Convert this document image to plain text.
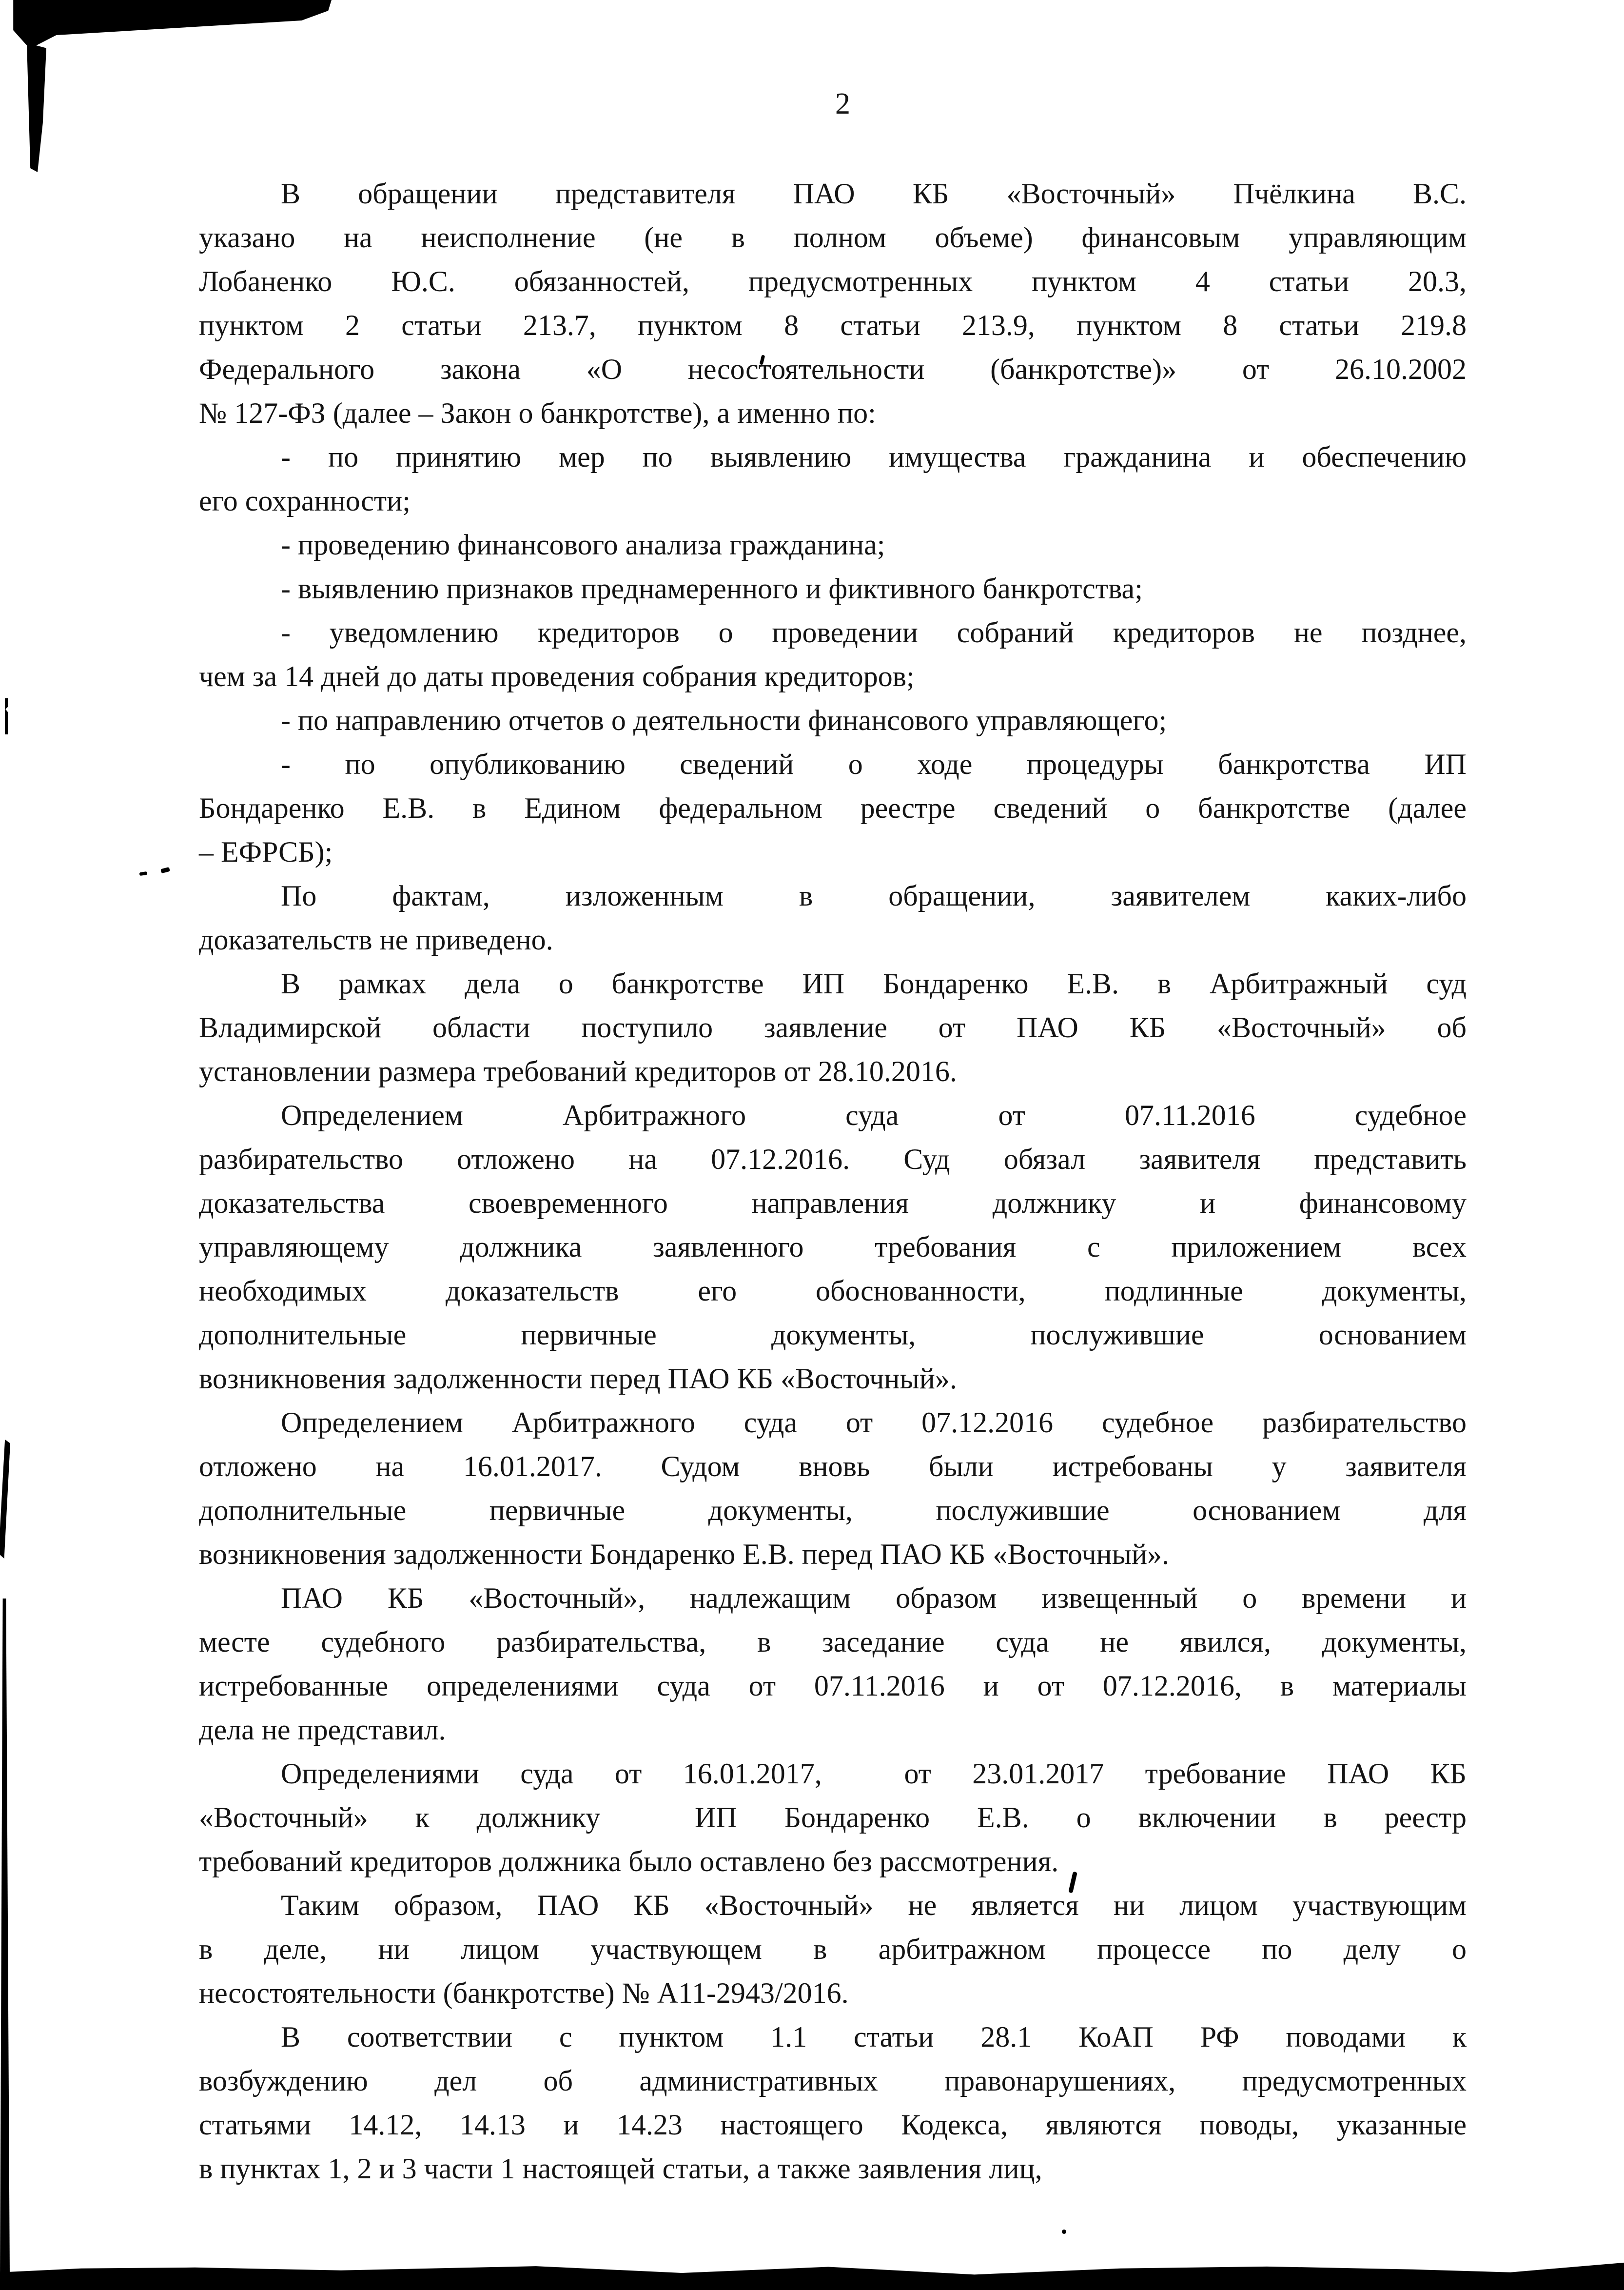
2
В обращении представителя ПАО КБ «Восточный» Пчёлкина В.С.
указано на неисполнение (не в полном объеме) финансовым управляющим
Лобаненко Ю.С. обязанностей, предусмотренных пунктом 4 статьи 20.3,
пунктом 2 статьи 213.7, пунктом 8 статьи 213.9, пунктом 8 статьи 219.8
Федерального закона «О несостоятельности (банкротстве)» от 26.10.2002
№ 127-ФЗ (далее – Закон о банкротстве), а именно по:
- по принятию мер по выявлению имущества гражданина и обеспечению
его сохранности;
- проведению финансового анализа гражданина;
- выявлению признаков преднамеренного и фиктивного банкротства;
- уведомлению кредиторов о проведении собраний кредиторов не позднее,
чем за 14 дней до даты проведения собрания кредиторов;
- по направлению отчетов о деятельности финансового управляющего;
- по опубликованию сведений о ходе процедуры банкротства ИП
Бондаренко Е.В. в Едином федеральном реестре сведений о банкротстве (далее
– ЕФРСБ);
По фактам, изложенным в обращении, заявителем каких-либо
доказательств не приведено.
В рамках дела о банкротстве ИП Бондаренко Е.В. в Арбитражный суд
Владимирской области поступило заявление от ПАО КБ «Восточный» об
установлении размера требований кредиторов от 28.10.2016.
Определением Арбитражного суда от 07.11.2016 судебное
разбирательство отложено на 07.12.2016. Суд обязал заявителя представить
доказательства своевременного направления должнику и финансовому
управляющему должника заявленного требования с приложением всех
необходимых доказательств его обоснованности, подлинные документы,
дополнительные первичные документы, послужившие основанием
возникновения задолженности перед ПАО КБ «Восточный».
Определением Арбитражного суда от 07.12.2016 судебное разбирательство
отложено на 16.01.2017. Судом вновь были истребованы у заявителя
дополнительные первичные документы, послужившие основанием для
возникновения задолженности Бондаренко Е.В. перед ПАО КБ «Восточный».
ПАО КБ «Восточный», надлежащим образом извещенный о времени и
месте судебного разбирательства, в заседание суда не явился, документы,
истребованные определениями суда от 07.11.2016 и от 07.12.2016, в материалы
дела не представил.
Определениями суда от 16.01.2017,  от 23.01.2017 требование ПАО КБ
«Восточный» к должнику  ИП Бондаренко Е.В. о включении в реестр
требований кредиторов должника было оставлено без рассмотрения.
Таким образом, ПАО КБ «Восточный» не является ни лицом участвующим
в деле, ни лицом участвующем в арбитражном процессе по делу о
несостоятельности (банкротстве) № А11-2943/2016.
В соответствии с пунктом 1.1 статьи 28.1 КоАП РФ поводами к
возбуждению дел об административных правонарушениях, предусмотренных
статьями 14.12, 14.13 и 14.23 настоящего Кодекса, являются поводы, указанные
в пунктах 1, 2 и 3 части 1 настоящей статьи, а также заявления лиц,
